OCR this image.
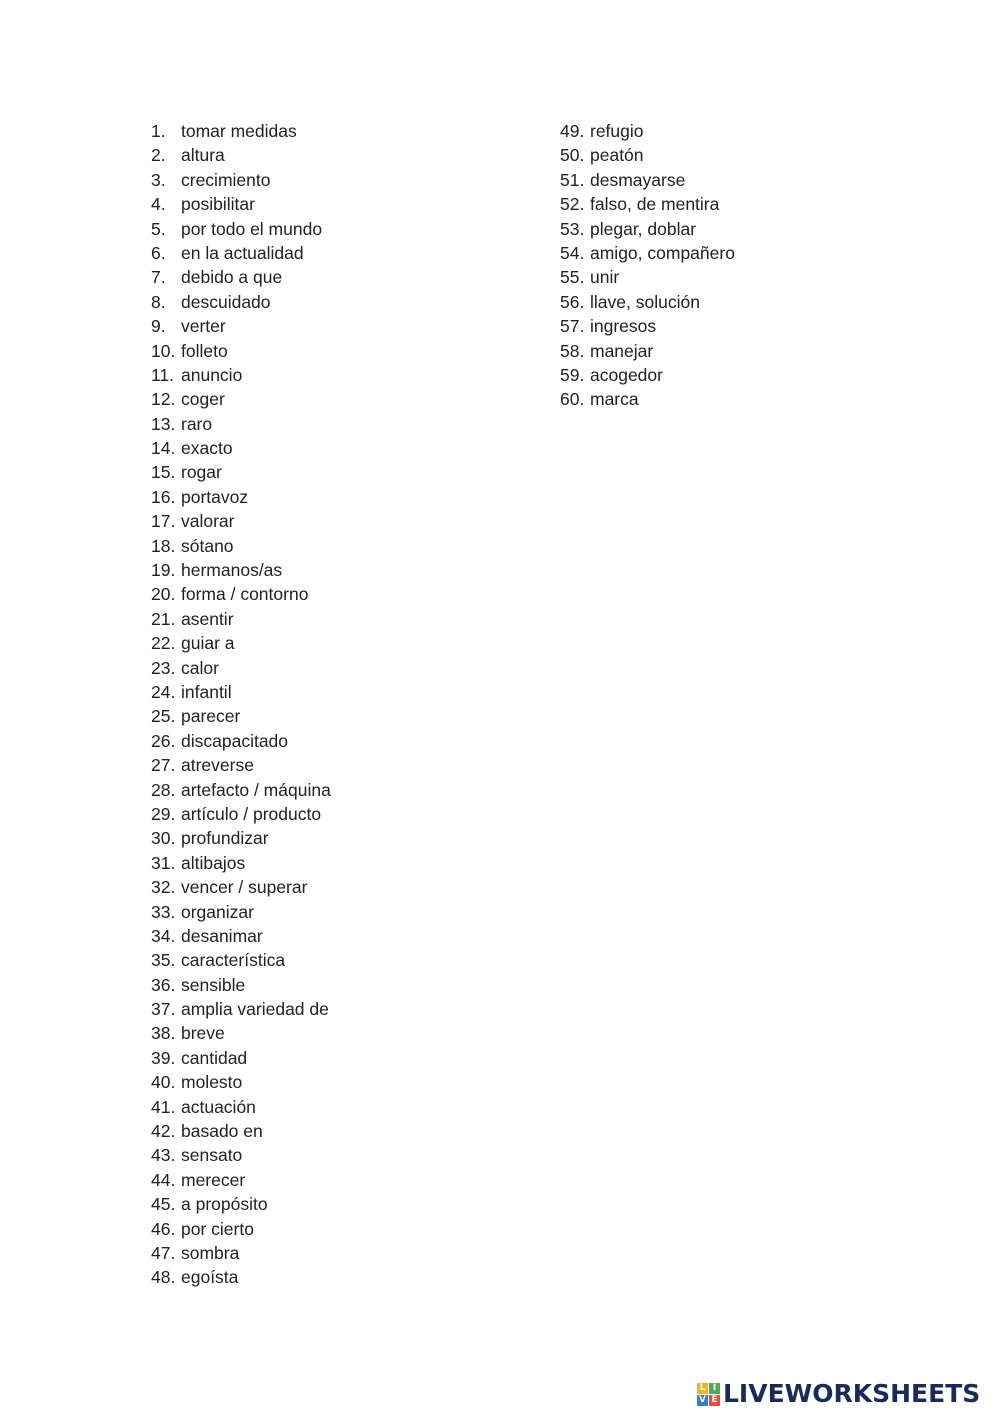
1. tomar medidas
2. altura
3. crecimiento
4. posibilitar
5. por todo el mundo
6. en la actualidad
7. debido a que
8. descuidado
9. verter
10. folleto
11. anuncio
12. coger
13. raro
14. exacto
15. rogar
16. portavoz
17. valorar
18. sótano
19. hermanos/as
20. forma / contorno
21. asentir
22. guiar a
23. calor
24. infantil
25. parecer
26. discapacitado
27. atreverse
28. artefacto / máquina
29. artículo / producto
30. profundizar
31. altibajos
32. vencer / superar
33. organizar
34. desanimar
35. característica
36. sensible
37. amplia variedad de
38. breve
39. cantidad
40. molesto
41. actuación
42. basado en
43. sensato
44. merecer
45. a propósito
46. por cierto
47. sombra
48. egoísta
49. refugio
50. peatón
51. desmayarse
52. falso, de mentira
53. plegar, doblar
54. amigo, compañero
55. unir
56. llave, solución
57. ingresos
58. manejar
59. acogedor
60. marca
L I
V E LIVEWORKSHEETS
